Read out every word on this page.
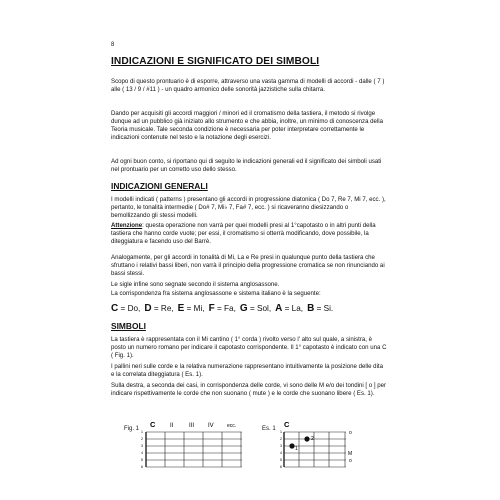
8
INDICAZIONI E SIGNIFICATO DEI SIMBOLI

Scopo di questo prontuario è di esporre, attraverso una vasta gamma di modelli di accordi - dalle ( 7 ) alle ( 13 / 9 / #11 ) - un quadro armonico delle sonorità jazzistiche sulla chitarra.

Dando per acquisiti gli accordi maggiori / minori ed il cromatismo della tastiera, il metodo si rivolge dunque ad un pubblico già iniziato allo strumento e che abbia, inoltre, un minimo di conoscenza della Teoria musicale. Tale seconda condizione è necessaria per poter interpretare correttamente le indicazioni contenute nel testo e la notazione degli esercizi.

Ad ogni buon conto, si riportano qui di seguito le indicazioni generali ed il significato dei simboli usati nel prontuario per un corretto uso dello stesso.

INDICAZIONI GENERALI

I modelli indicati ( patterns ) presentano gli accordi in progressione diatonica ( Do 7, Re 7, Mi 7, ecc. ), pertanto, le tonalità intermedie ( Do# 7, Mi♭ 7, Fa# 7, ecc. ) si ricaveranno diesizzando o bemollizzando gli stessi modelli.

Attenzione: questa operazione non varrà per quei modelli presi al 1°capotasto o in altri punti della tastiera che hanno corde vuote; per essi, il cromatismo si otterrà modificando, dove possibile, la diteggiatura e facendo uso del Barrè.

Analogamente, per gli accordi in tonalità di Mi, La e Re presi in qualunque punto della tastiera che sfruttano i relativi bassi liberi, non varrà il principio della progressione cromatica se non rinunciando ai bassi stessi.

Le sigle infine sono segnate secondo il sistema anglosassone.

La corrispondenza fra sistema anglosassone e sistema italiano è la seguente:

C = Do, D = Re, E = Mi, F = Fa, G = Sol, A = La, B = Si.
SIMBOLI

La tastiera è rappresentata con il Mi cantino ( 1° corda ) rivolto verso l' alto sul quale, a sinistra, è posto un numero romano per indicare il capotasto corrispondente. Il 1° capotasto è indicato con una C ( Fig. 1).

I pallini neri sulle corde e la relativa numerazione rappresentano intuitivamente la posizione delle dita e la correlata diteggiatura ( Es. 1).

Sulla destra, a seconda dei casi, in corrispondenza delle corde, vi sono delle M e/o dei tondini [ o ] per indicare rispettivamente le corde che non suonano ( mute ) e le corde che suonano libere ( Es. 1).

Fig. 1 C II	III IV	ecc.
1
2
3
4
5
6
Es. 1 C
1
2
3
4
5
6
2
1
o
M
o
